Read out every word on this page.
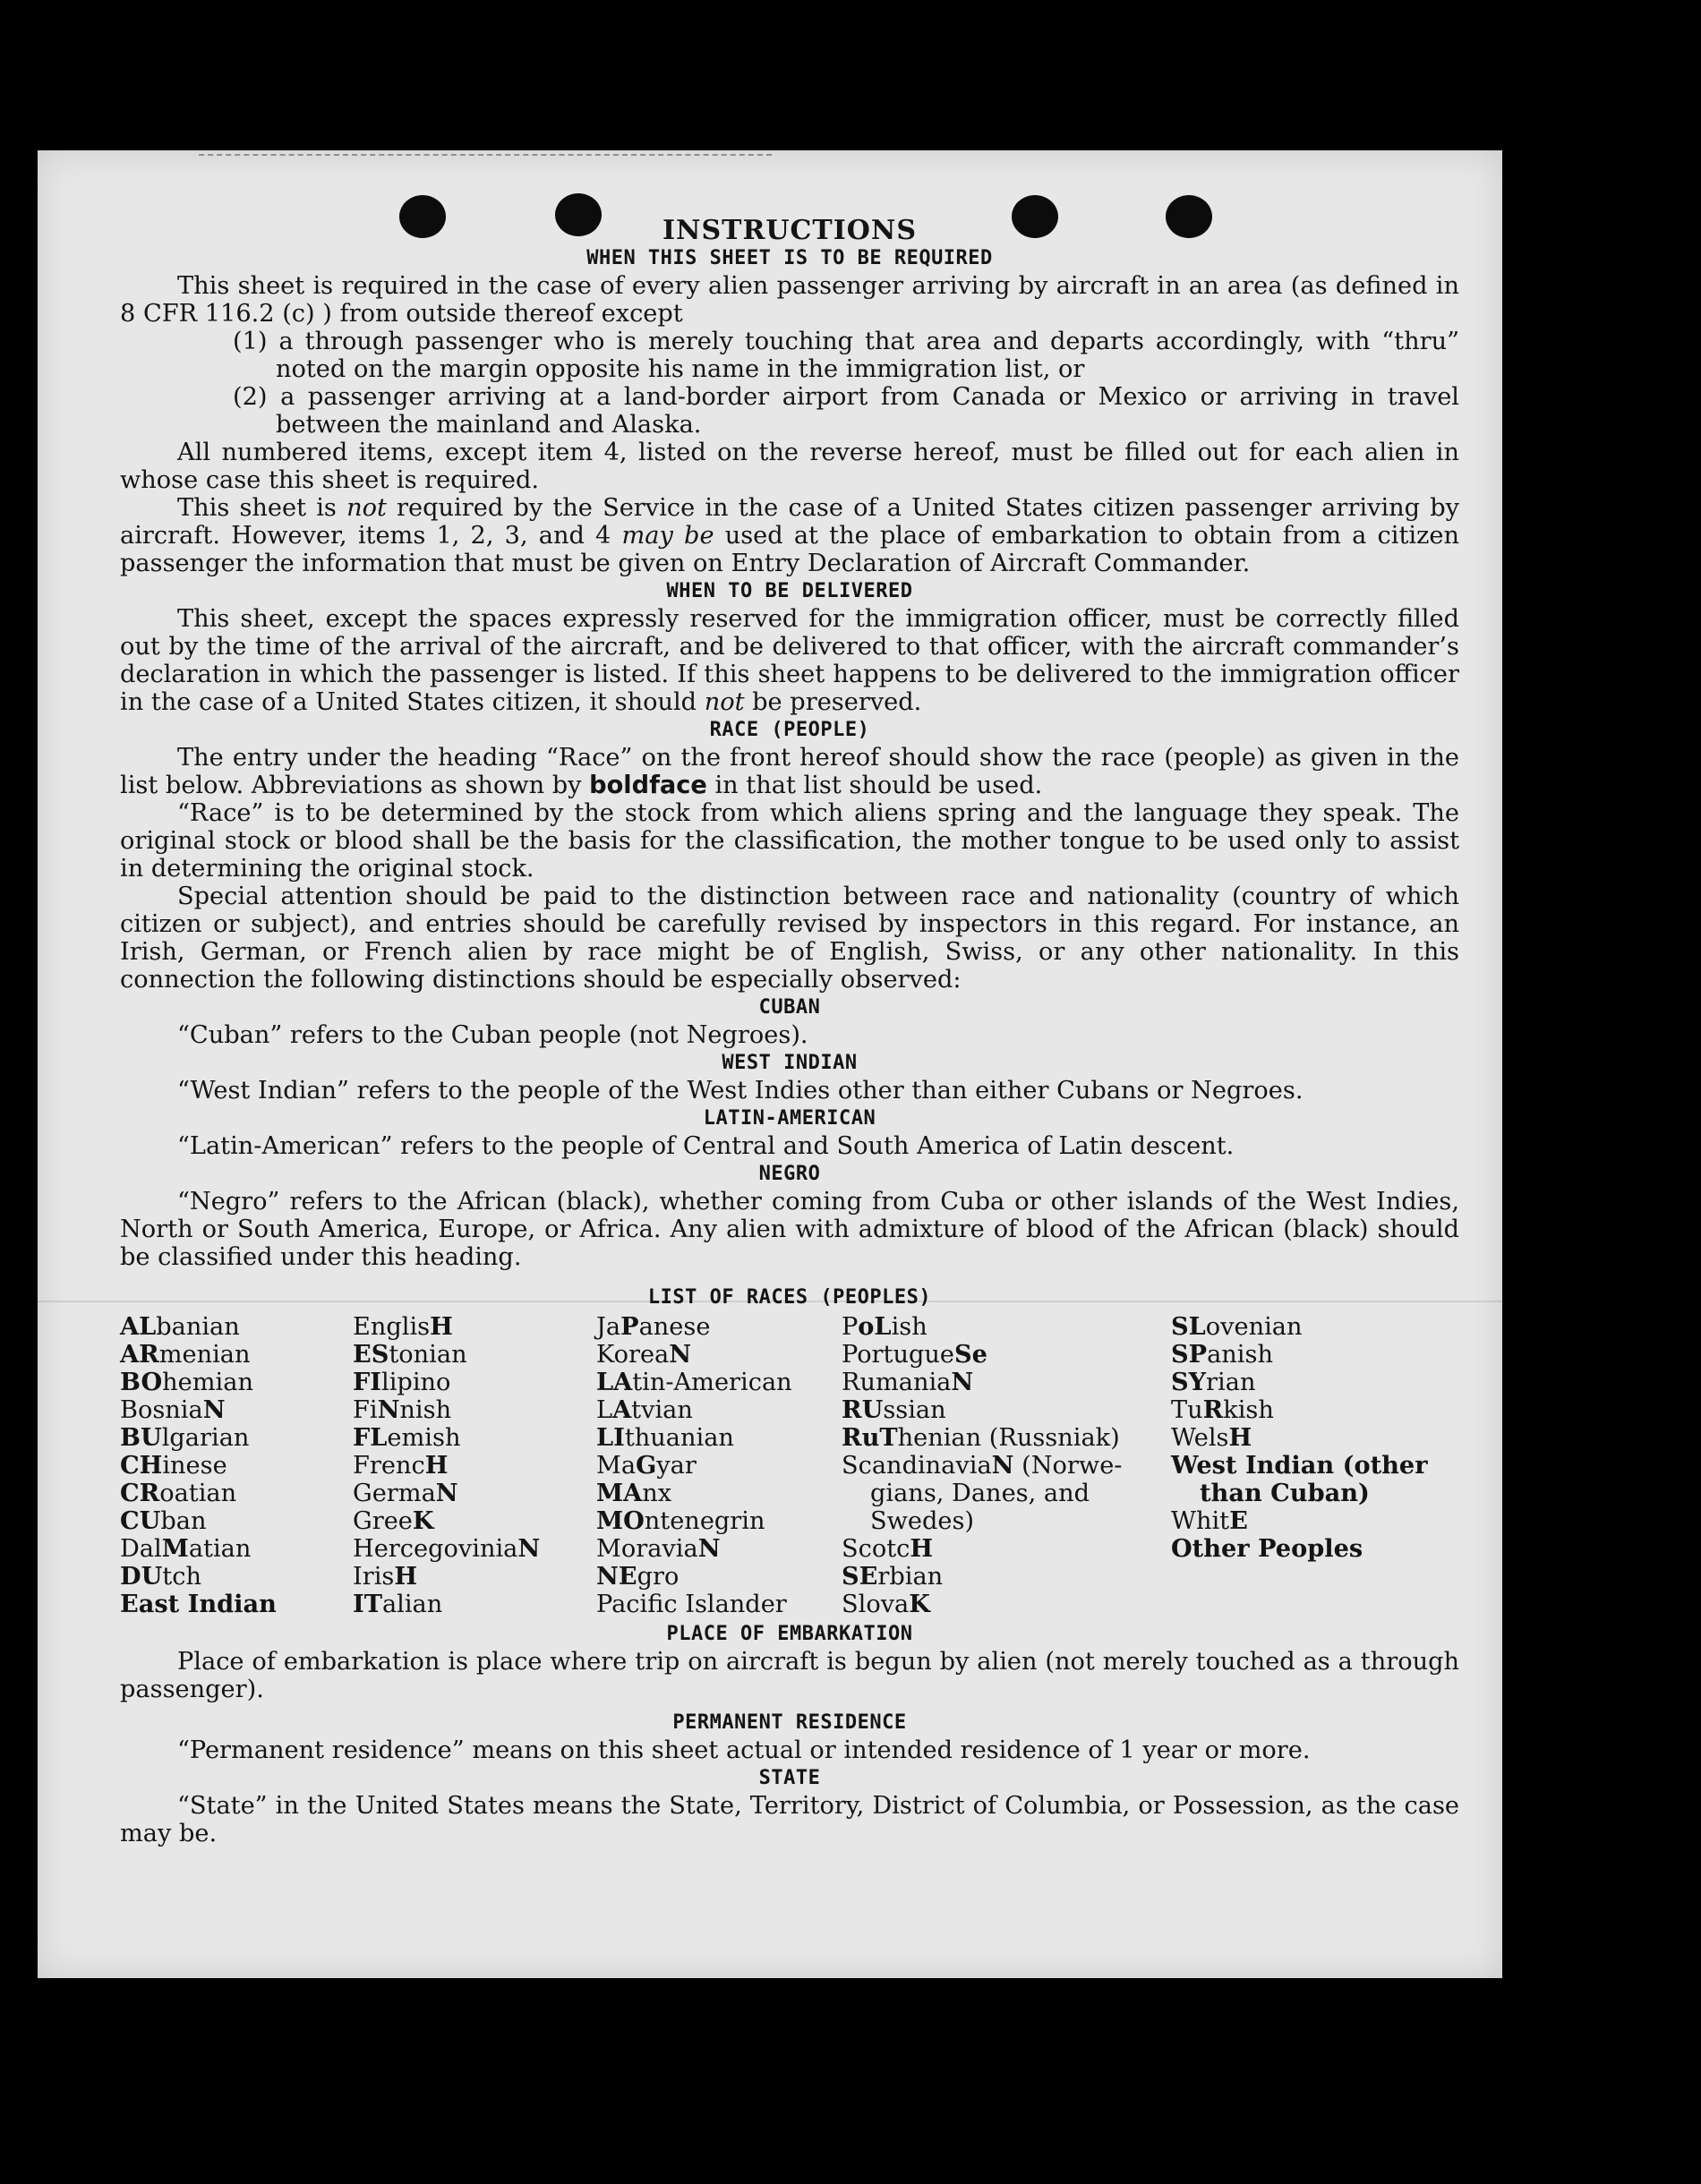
INSTRUCTIONS
WHEN THIS SHEET IS TO BE REQUIRED

This sheet is required in the case of every alien passenger arriving by aircraft in an area (as defined in 8 CFR 116.2 (c) ) from outside thereof except

(1) a through passenger who is merely touching that area and departs accordingly, with “thru” noted on the margin opposite his name in the immigration list, or

(2) a passenger arriving at a land-border airport from Canada or Mexico or arriving in travel between the mainland and Alaska.

All numbered items, except item 4, listed on the reverse hereof, must be filled out for each alien in whose case this sheet is required.

This sheet is not required by the Service in the case of a United States citizen passenger arriving by aircraft. However, items 1, 2, 3, and 4 may be used at the place of embarkation to obtain from a citizen passenger the information that must be given on Entry Declaration of Aircraft Commander.

WHEN TO BE DELIVERED

This sheet, except the spaces expressly reserved for the immigration officer, must be correctly filled out by the time of the arrival of the aircraft, and be delivered to that officer, with the aircraft commander’s declaration in which the passenger is listed. If this sheet happens to be delivered to the immigration officer in the case of a United States citizen, it should not be preserved.

RACE (PEOPLE)

The entry under the heading “Race” on the front hereof should show the race (people) as given in the list below. Abbreviations as shown by boldface in that list should be used.

“Race” is to be determined by the stock from which aliens spring and the language they speak. The original stock or blood shall be the basis for the classification, the mother tongue to be used only to assist in determining the original stock.

Special attention should be paid to the distinction between race and nationality (country of which citizen or subject), and entries should be carefully revised by inspectors in this regard. For instance, an Irish, German, or French alien by race might be of English, Swiss, or any other nationality. In this connection the following distinctions should be especially observed:

CUBAN

“Cuban” refers to the Cuban people (not Negroes).

WEST INDIAN

“West Indian” refers to the people of the West Indies other than either Cubans or Negroes.

LATIN-AMERICAN

“Latin-American” refers to the people of Central and South America of Latin descent.

NEGRO

“Negro” refers to the African (black), whether coming from Cuba or other islands of the West Indies, North or South America, Europe, or Africa. Any alien with admixture of blood of the African (black) should be classified under this heading.

LIST OF RACES (PEOPLES)
ALbanian
ARmenian
BOhemian
BosniaN
BUlgarian
CHinese
CRoatian
CUban
DalMatian
DUtch
East Indian
EnglisH
EStonian
FIlipino
FiNnish
FLemish
FrencH
GermaN
GreeK
HercegoviniaN
IrisH
ITalian
JaPanese
KoreaN
LAtin-American
LAtvian
LIthuanian
MaGyar
MAnx
MOntenegrin
MoraviaN
NEgro
Pacific Islander
PoLish
PortugueSe
RumaniaN
RUssian
RuThenian (Russniak)
ScandinaviaN (Norwe-gians, Danes, and Swedes)
ScotcH
SErbian
SlovaK
SLovenian
SPanish
SYrian
TuRkish
WelsH
West Indian (other than Cuban)
WhitE
Other Peoples
PLACE OF EMBARKATION

Place of embarkation is place where trip on aircraft is begun by alien (not merely touched as a through passenger).

PERMANENT RESIDENCE

“Permanent residence” means on this sheet actual or intended residence of 1 year or more.

STATE

“State” in the United States means the State, Territory, District of Columbia, or Possession, as the case may be.
